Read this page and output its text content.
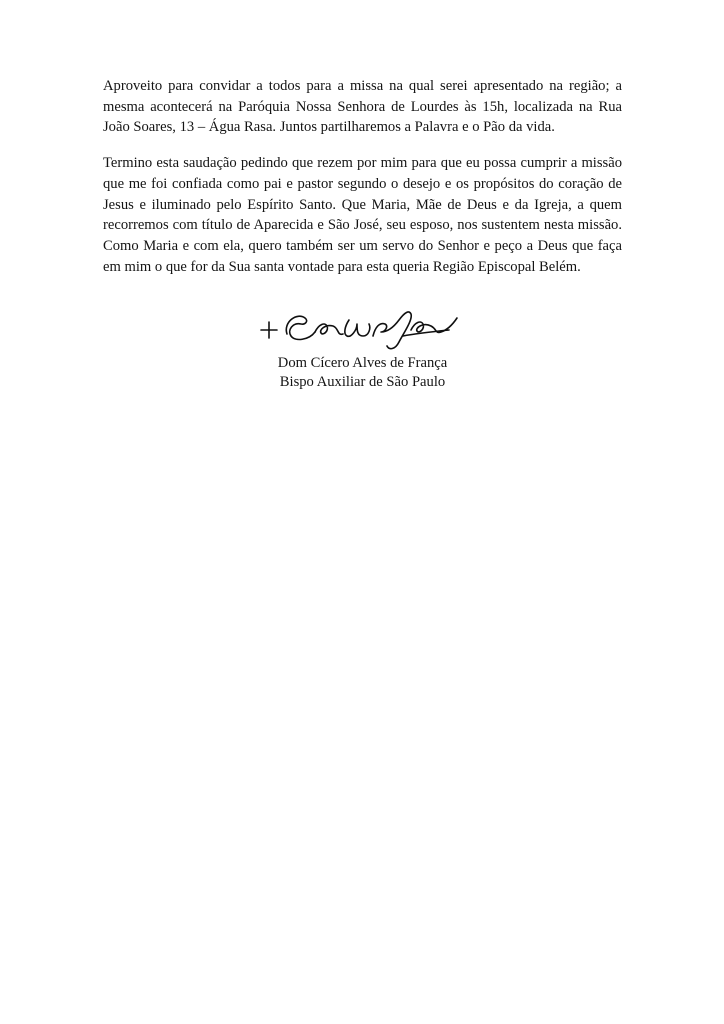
Aproveito para convidar a todos para a missa na qual serei apresentado na região; a mesma acontecerá na Paróquia Nossa Senhora de Lourdes às 15h, localizada na Rua João Soares, 13 – Água Rasa. Juntos partilharemos a Palavra e o Pão da vida.

Termino esta saudação pedindo que rezem por mim para que eu possa cumprir a missão que me foi confiada como pai e pastor segundo o desejo e os propósitos do coração de Jesus e iluminado pelo Espírito Santo. Que Maria, Mãe de Deus e da Igreja, a quem recorremos com título de Aparecida e São José, seu esposo, nos sustentem nesta missão. Como Maria e com ela, quero também ser um servo do Senhor e peço a Deus que faça em mim o que for da Sua santa vontade para esta queria Região Episcopal Belém.

Dom Cícero Alves de França

Bispo Auxiliar de São Paulo
